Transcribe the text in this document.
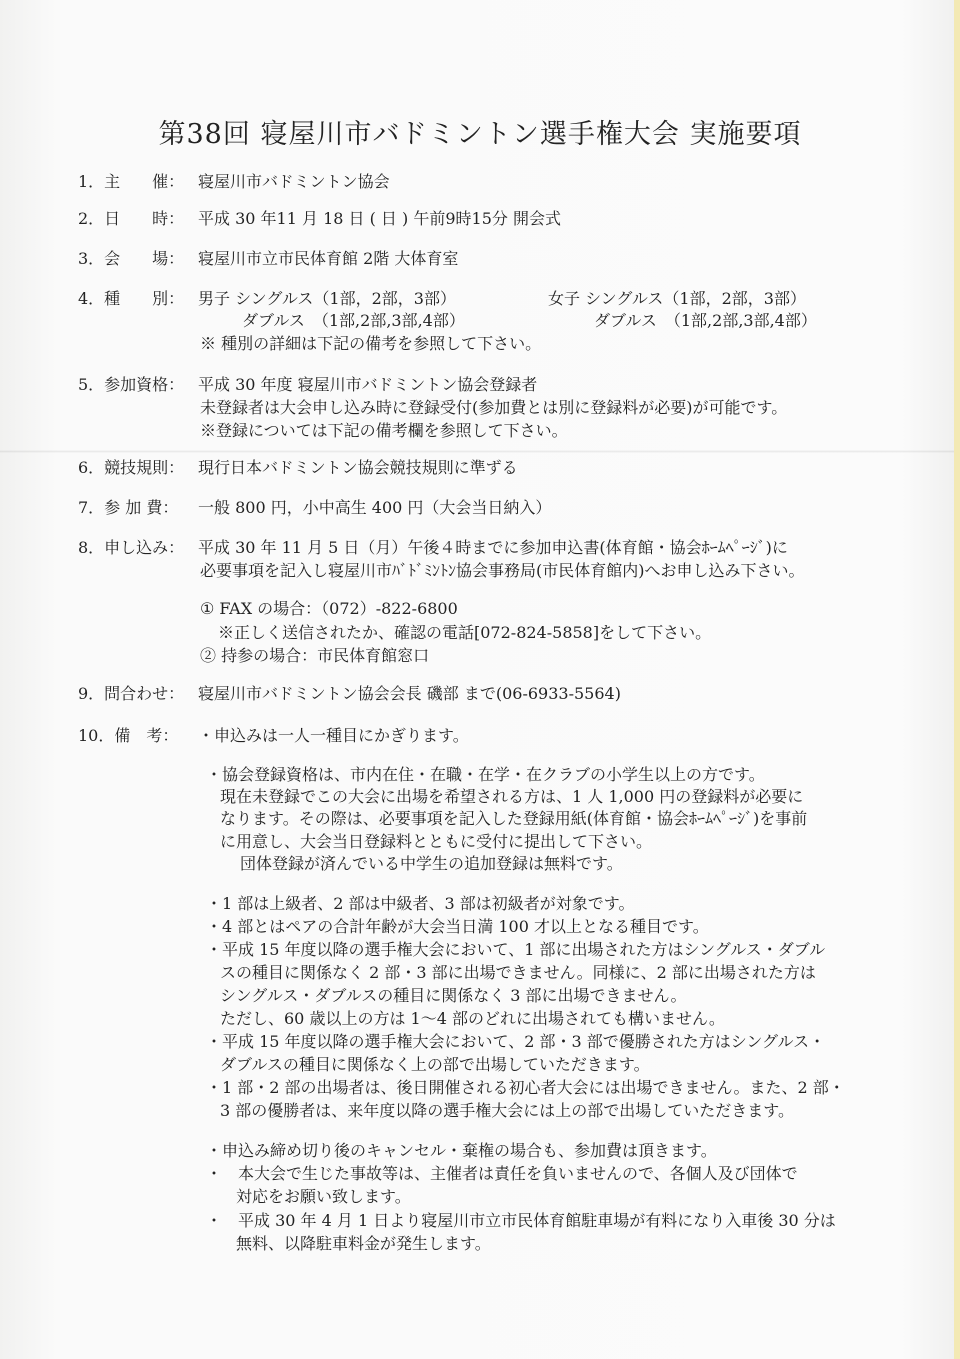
第38回 寝屋川市バドミントン選手権大会 実施要項
1．主　　催： 寝屋川市バドミントン協会
2．日　　時： 平成 30 年11 月 18 日 ( 日 ) 午前9時15分 開会式
3．会　　場： 寝屋川市立市民体育館 2階 大体育室
4．種　　別： 男子 シングルス（1部，2部，3部）
ダブルス　（1部,2部,3部,4部）
女子 シングルス（1部，2部，3部）
ダブルス　（1部,2部,3部,4部）
※ 種別の詳細は下記の備考を参照して下さい。
5．参加資格： 平成 30 年度 寝屋川市バドミントン協会登録者
未登録者は大会申し込み時に登録受付(参加費とは別に登録料が必要)が可能です。
※登録については下記の備考欄を参照して下さい。
6．競技規則： 現行日本バドミントン協会競技規則に準ずる
7．参 加 費： 一般 800 円，小中高生 400 円（大会当日納入）
8．申し込み： 平成 30 年 11 月 5 日（月）午後４時までに参加申込書(体育館・協会ﾎｰﾑﾍﾟｰｼﾞ)に
必要事項を記入し寝屋川市ﾊﾞﾄﾞﾐﾝﾄﾝ協会事務局(市民体育館内)へお申し込み下さい。
① FAX の場合：（072）-822-6800
※正しく送信されたか、確認の電話[072-824-5858]をして下さい。
② 持参の場合：市民体育館窓口
9．問合わせ： 寝屋川市バドミントン協会会長 磯部 まで(06-6933-5564)
10．備　考： ・申込みは一人一種目にかぎります。
・協会登録資格は、市内在住・在職・在学・在クラブの小学生以上の方です。
現在未登録でこの大会に出場を希望される方は、1 人 1,000 円の登録料が必要に
なります。その際は、必要事項を記入した登録用紙(体育館・協会ﾎｰﾑﾍﾟｰｼﾞ)を事前
に用意し、大会当日登録料とともに受付に提出して下さい。
団体登録が済んでいる中学生の追加登録は無料です。
・1 部は上級者、2 部は中級者、3 部は初級者が対象です。
・4 部とはペアの合計年齢が大会当日満 100 才以上となる種目です。
・平成 15 年度以降の選手権大会において、1 部に出場された方はシングルス・ダブル
スの種目に関係なく 2 部・3 部に出場できません。同様に、2 部に出場された方は
シングルス・ダブルスの種目に関係なく 3 部に出場できません。
ただし、60 歳以上の方は 1～4 部のどれに出場されても構いません。
・平成 15 年度以降の選手権大会において、2 部・3 部で優勝された方はシングルス・
ダブルスの種目に関係なく上の部で出場していただきます。
・1 部・2 部の出場者は、後日開催される初心者大会には出場できません。また、2 部・
3 部の優勝者は、来年度以降の選手権大会には上の部で出場していただきます。
・申込み締め切り後のキャンセル・棄権の場合も、参加費は頂きます。
・　本大会で生じた事故等は、主催者は責任を負いませんので、各個人及び団体で
対応をお願い致します。
・　平成 30 年 4 月 1 日より寝屋川市立市民体育館駐車場が有料になり入車後 30 分は
無料、以降駐車料金が発生します。
